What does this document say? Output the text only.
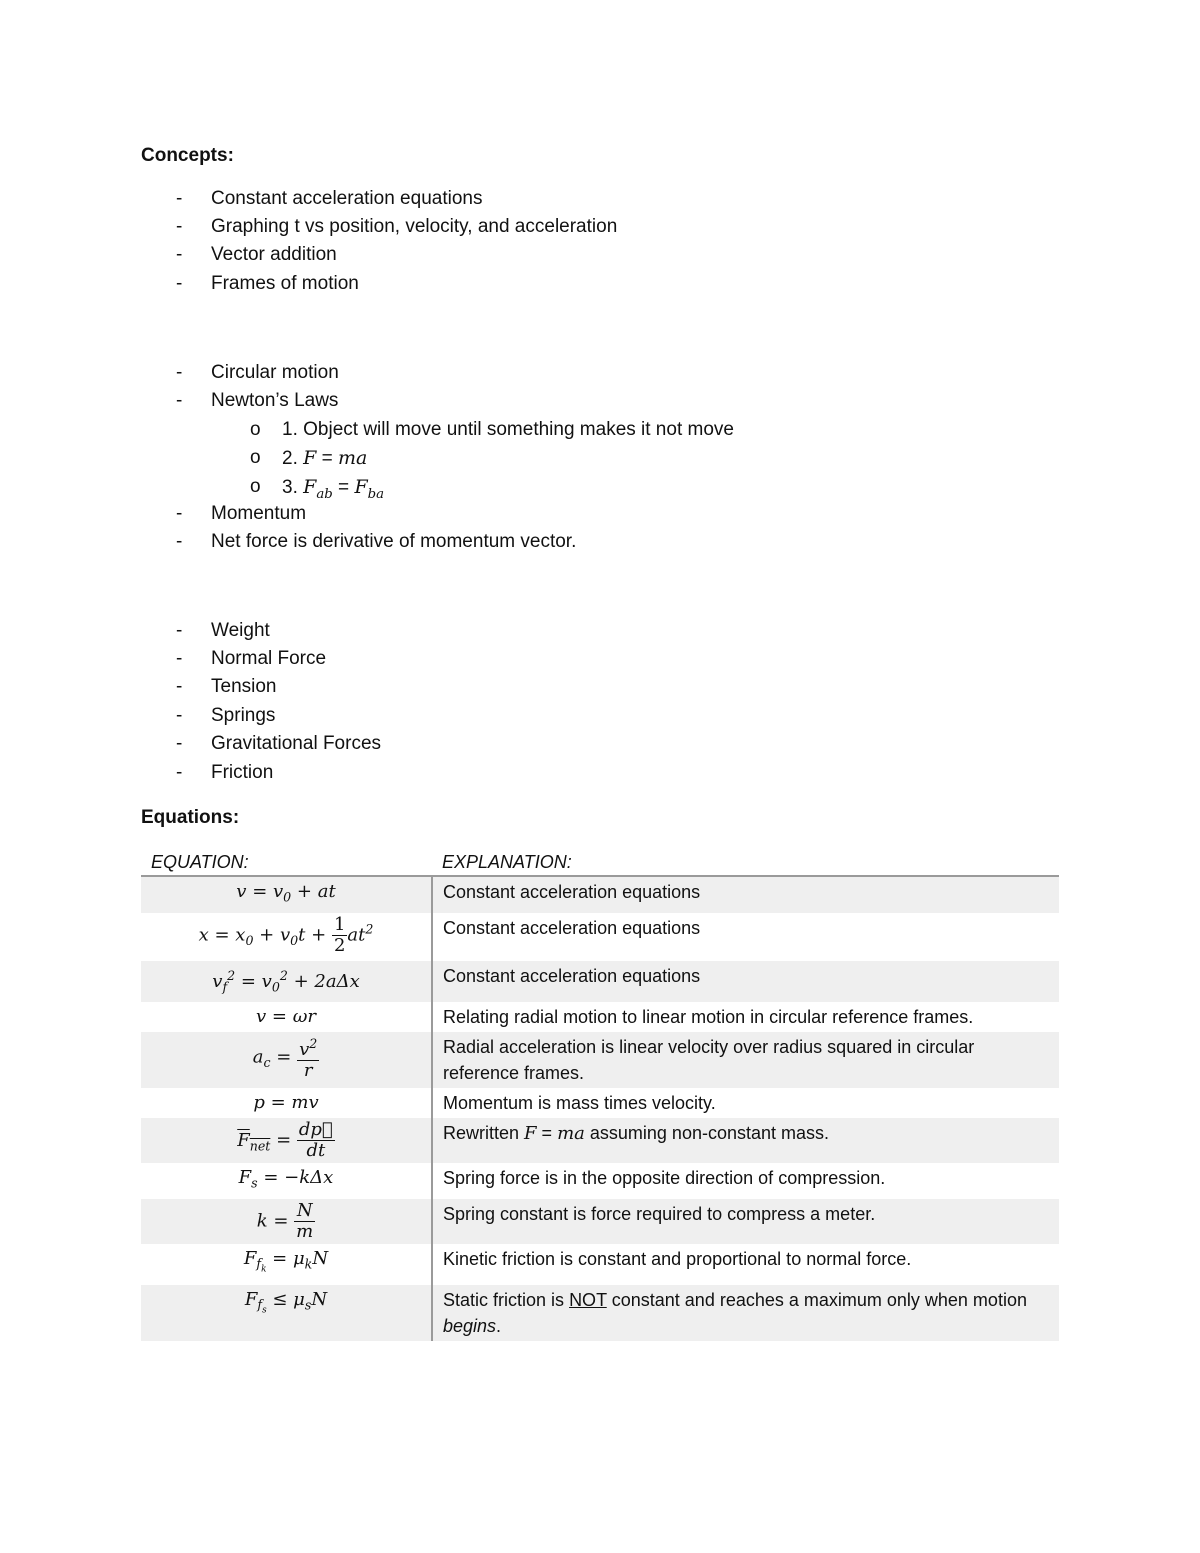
Concepts:
-	Constant acceleration equations
-	Graphing t vs position, velocity, and acceleration
-	Vector addition
-	Frames of motion
-	Circular motion
-	Newton’s Laws
o 1. Object will move until something makes it not move
o 2. F = ma
o 3. $F_{ab} = F_{ba}$
-	Momentum
-	Net force is derivative of momentum vector.
-	Weight
-	Normal Force
-	Tension
-	Springs
-	Gravitational Forces
-	Friction
Equations:
EQUATION:	EXPLANATION:
$v = v_0$ + at	Constant acceleration equations
$x = x_0 + v_0t + \frac{1}{2} at^2$	Constant acceleration equations
$v_f^2 = v_0^2 + 2a\Delta x$	Constant acceleration equations
v = ωr	Relating radial motion to linear motion in circular reference frames.
$a_c = \frac{v^2}{r}$	Radial acceleration is linear velocity over radius squared in circular reference frames.
p = mv	Momentum is mass times velocity.
$F_{net} = \frac{dp⃗}{dt}$	Rewritten F = ma assuming non-constant mass.
$F_s = -k\Delta x$	Spring force is in the opposite direction of compression.
$k = \frac{N}{m}$	Spring constant is force required to compress a meter.
$F_{f_k} = \mu_kN$	Kinetic friction is constant and proportional to normal force.
$F_{f_s} \le \mu_sN$	Static friction is NOT constant and reaches a maximum only when motion begins.
